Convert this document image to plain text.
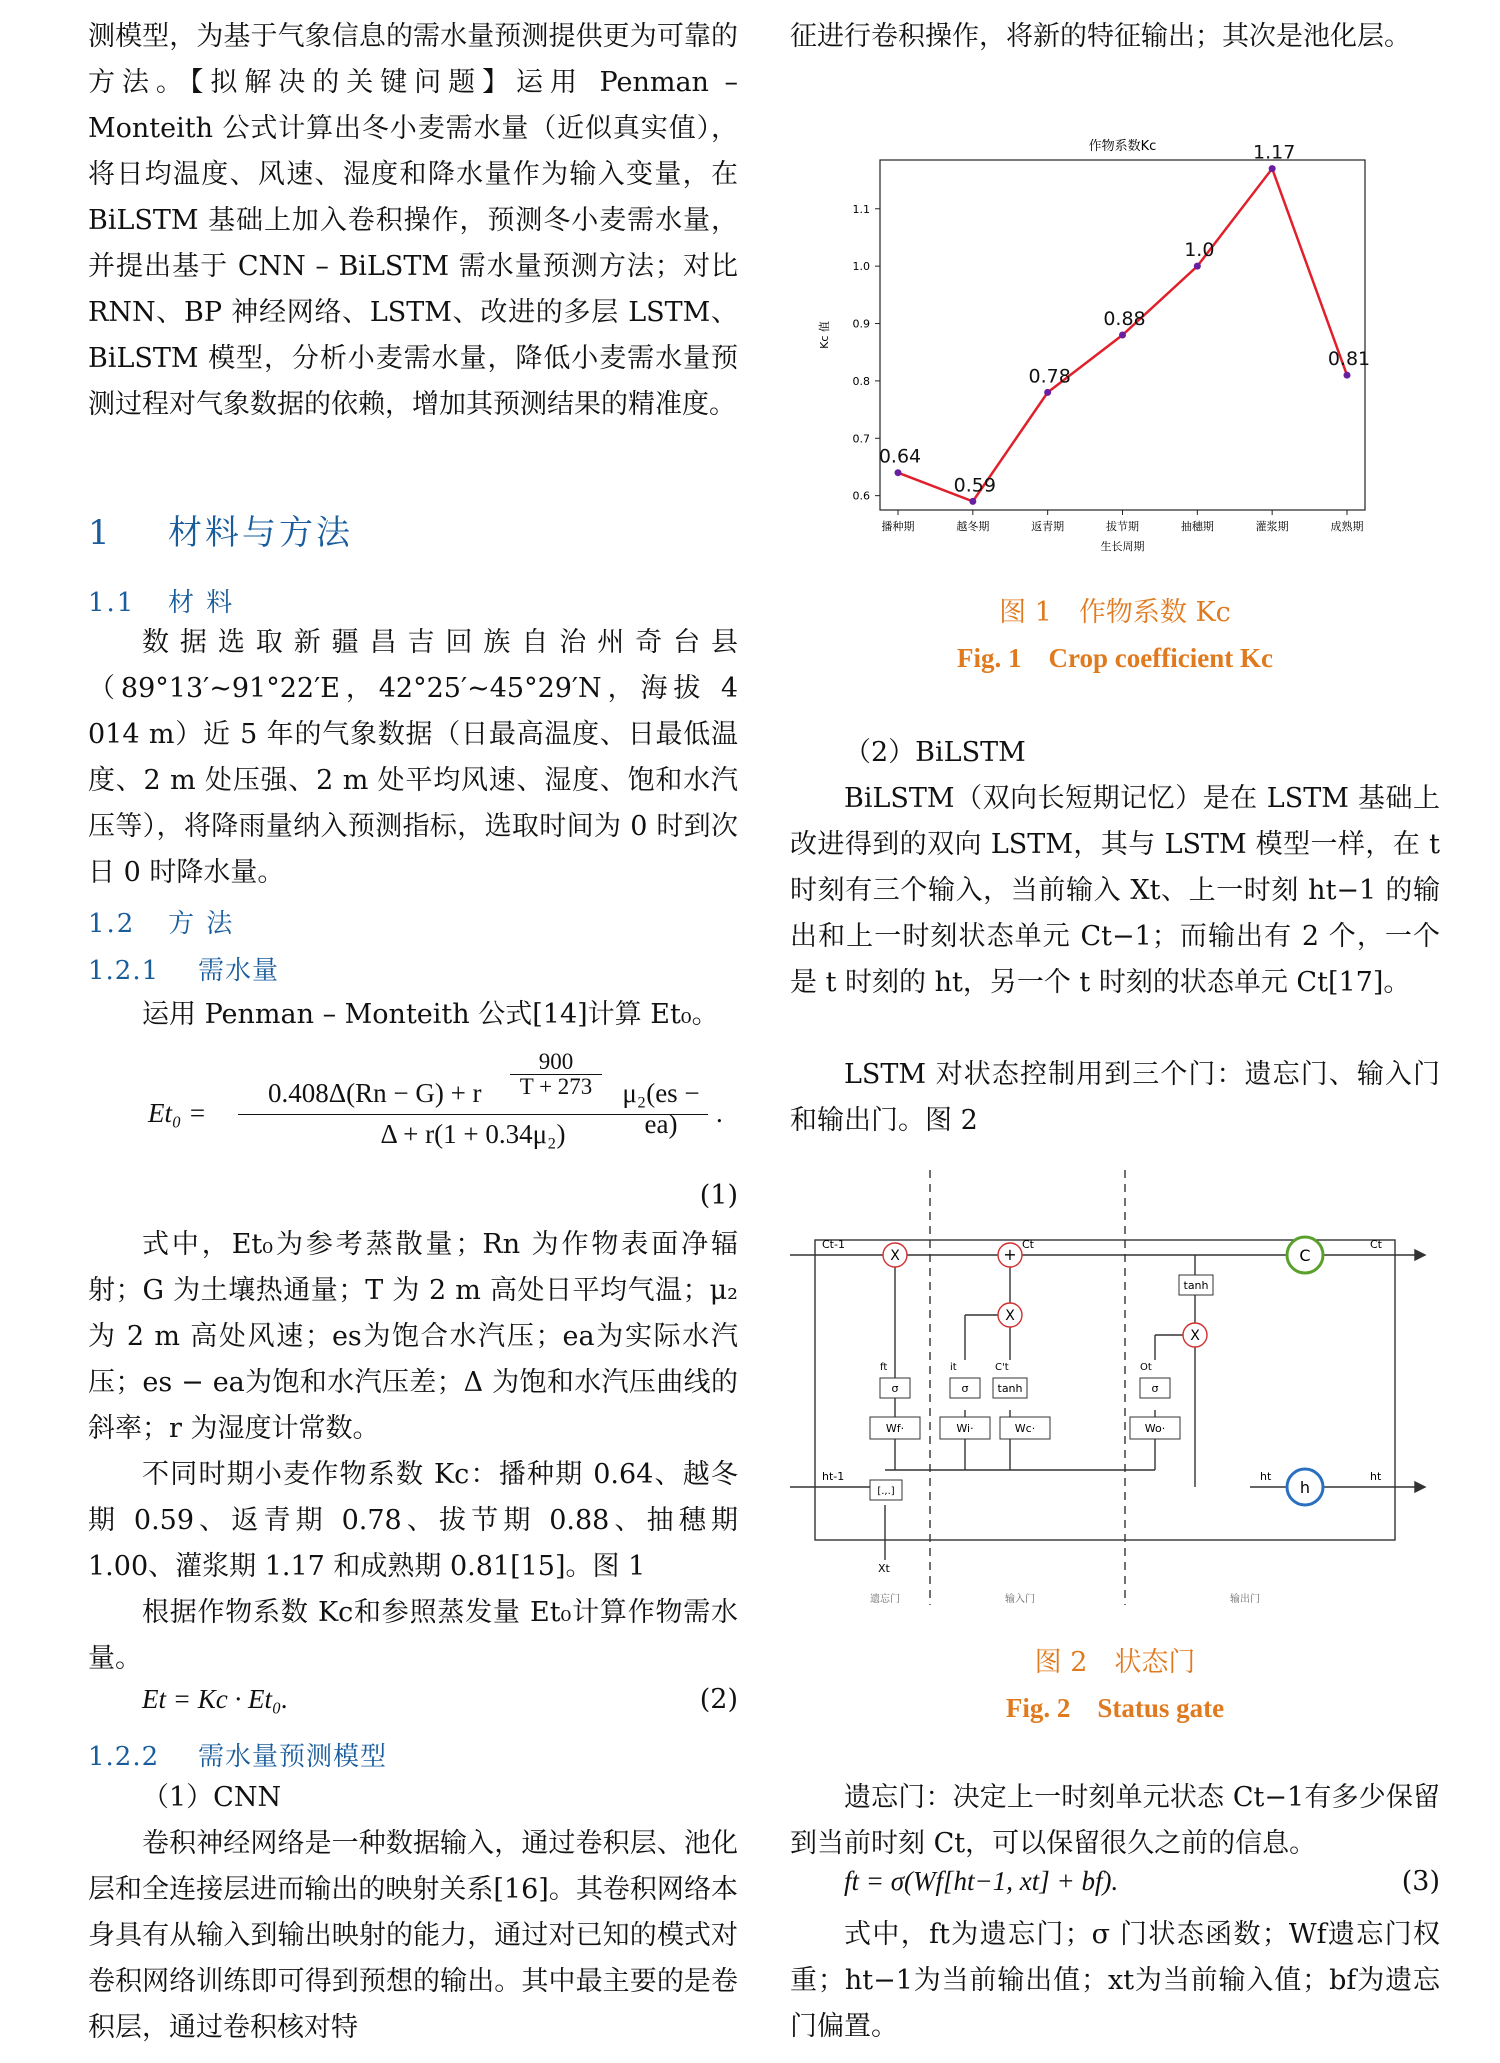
测模型，为基于气象信息的需水量预测提供更为可靠的方法。【拟解决的关键问题】运用 Penman – Monteith 公式计算出冬小麦需水量（近似真实值），将日均温度、风速、湿度和降水量作为输入变量，在 BiLSTM 基础上加入卷积操作，预测冬小麦需水量，并提出基于 CNN – BiLSTM 需水量预测方法；对比 RNN、BP 神经网络、LSTM、改进的多层 LSTM、BiLSTM 模型，分析小麦需水量，降低小麦需水量预测过程对气象数据的依赖，增加其预测结果的精准度。
1 材料与方法
1.1 材 料
数据选取新疆昌吉回族自治州奇台县（89°13′~91°22′E，42°25′~45°29′N，海拔 4 014 m）近 5 年的气象数据（日最高温度、日最低温度、2 m 处压强、2 m 处平均风速、湿度、饱和水汽压等），将降雨量纳入预测指标，选取时间为 0 时到次日 0 时降水量。
1.2 方 法
1.2.1 需水量
运用 Penman – Monteith 公式[14]计算 Et₀。
Et₀ =
0.408Δ(Rn − G) + r $\frac{900}{T + 273} \mu_2(es - ea)$
Δ + r(1 + 0.34μ₂)
.
(1)
式中，Et₀为参考蒸散量；Rn 为作物表面净辐射；G 为土壤热通量；T 为 2 m 高处日平均气温；μ₂为 2 m 高处风速；es为饱合水汽压；ea为实际水汽压；es − ea为饱和水汽压差；Δ 为饱和水汽压曲线的斜率；r 为湿度计常数。
不同时期小麦作物系数 Kc：播种期 0.64、越冬期 0.59、返青期 0.78、拔节期 0.88、抽穗期 1.00、灌浆期 1.17 和成熟期 0.81[15]。图 1
根据作物系数 Kc和参照蒸发量 Et₀计算作物需水量。
Et = Kc · Et₀.	(2)
1.2.2 需水量预测模型
（1）CNN
卷积神经网络是一种数据输入，通过卷积层、池化层和全连接层进而输出的映射关系[16]。其卷积网络本身具有从输入到输出映射的能力，通过对已知的模式对卷积网络训练即可得到预想的输出。其中最主要的是卷积层，通过卷积核对特
征进行卷积操作，将新的特征输出；其次是池化层。
作物系数Kc
0.6
0.7
0.8
0.9
1.0
1.1
Kc 值
播种期	越冬期	返青期	拔节期	抽穗期	灌浆期	成熟期
生长周期
0.64
0.59
0.78
0.88
1.0
1.17
0.81
图 1　作物系数 Kc
Fig. 1　Crop coefficient Kc
（2）BiLSTM
BiLSTM（双向长短期记忆）是在 LSTM 基础上改进得到的双向 LSTM，其与 LSTM 模型一样，在 t 时刻有三个输入，当前输入 Xt、上一时刻 ht−1 的输出和上一时刻状态单元 Ct−1；而输出有 2 个，一个是 t 时刻的 ht，另一个 t 时刻的状态单元 Ct[17]。
LSTM 对状态控制用到三个门：遗忘门、输入门和输出门。图 2
X	+
X
X
C
h
tanh
tanh
σ	σ	σ
Wf·	Wi·	Wc·	Wo·
[.,.]
Ct-1	Ct	Ct
ht-1	ht	ht
Xt
ft	it	C't	Ot
遗忘门	输入门	输出门
图 2　状态门
Fig. 2　Status gate
遗忘门：决定上一时刻单元状态 Ct−1有多少保留到当前时刻 Ct，可以保留很久之前的信息。
ft = σ(Wf[ht−1, xt] + bf).	(3)
式中，ft为遗忘门；σ 门状态函数；Wf遗忘门权重；ht−1为当前输出值；xt为当前输入值；bf为遗忘门偏置。
